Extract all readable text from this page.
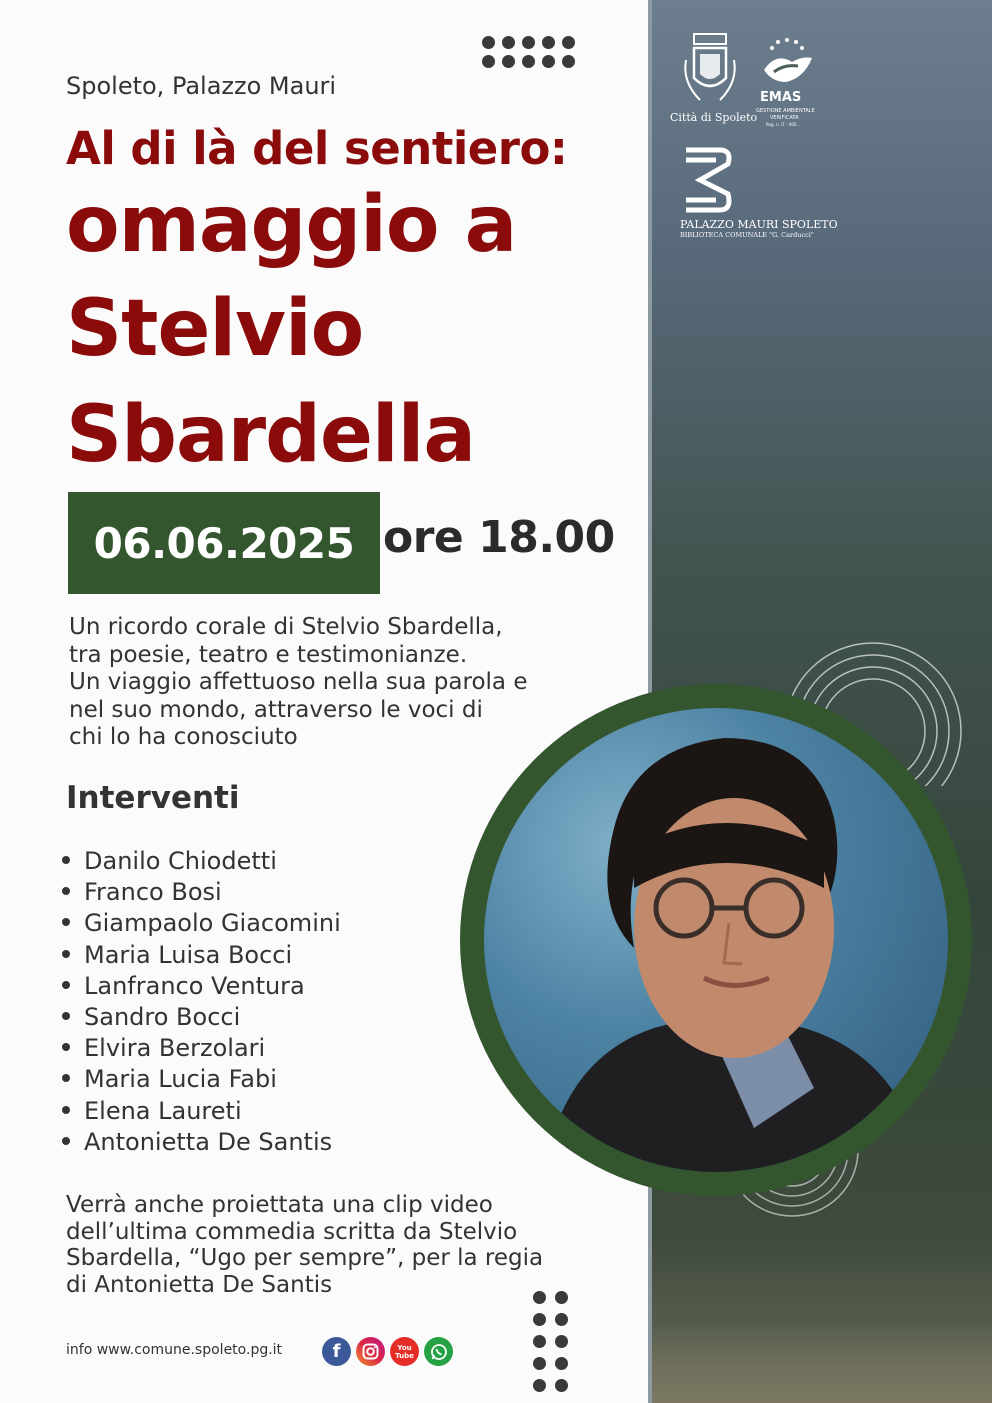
Città di Spoleto
EMAS
GESTIONE AMBIENTALE
VERIFICATA
Reg. n. IT - 000...
PALAZZO MAURI SPOLETO
BIBLIOTECA COMUNALE "G. Carducci"
Spoleto, Palazzo Mauri
Al di là del sentiero:
omaggio a
Stelvio
Sbardella
06.06.2025 ore 18.00
Un ricordo corale di Stelvio Sbardella,
tra poesie, teatro e testimonianze.
Un viaggio affettuoso nella sua parola e
nel suo mondo, attraverso le voci di
chi lo ha conosciuto
Interventi
Danilo Chiodetti
Franco Bosi
Giampaolo Giacomini
Maria Luisa Bocci
Lanfranco Ventura
Sandro Bocci
Elvira Berzolari
Maria Lucia Fabi
Elena Laureti
Antonietta De Santis
Verrà anche proiettata una clip video
dell’ultima commedia scritta da Stelvio
Sbardella, “Ugo per sempre”, per la regia
di Antonietta De Santis
info www.comune.spoleto.pg.it	f	You Tube
